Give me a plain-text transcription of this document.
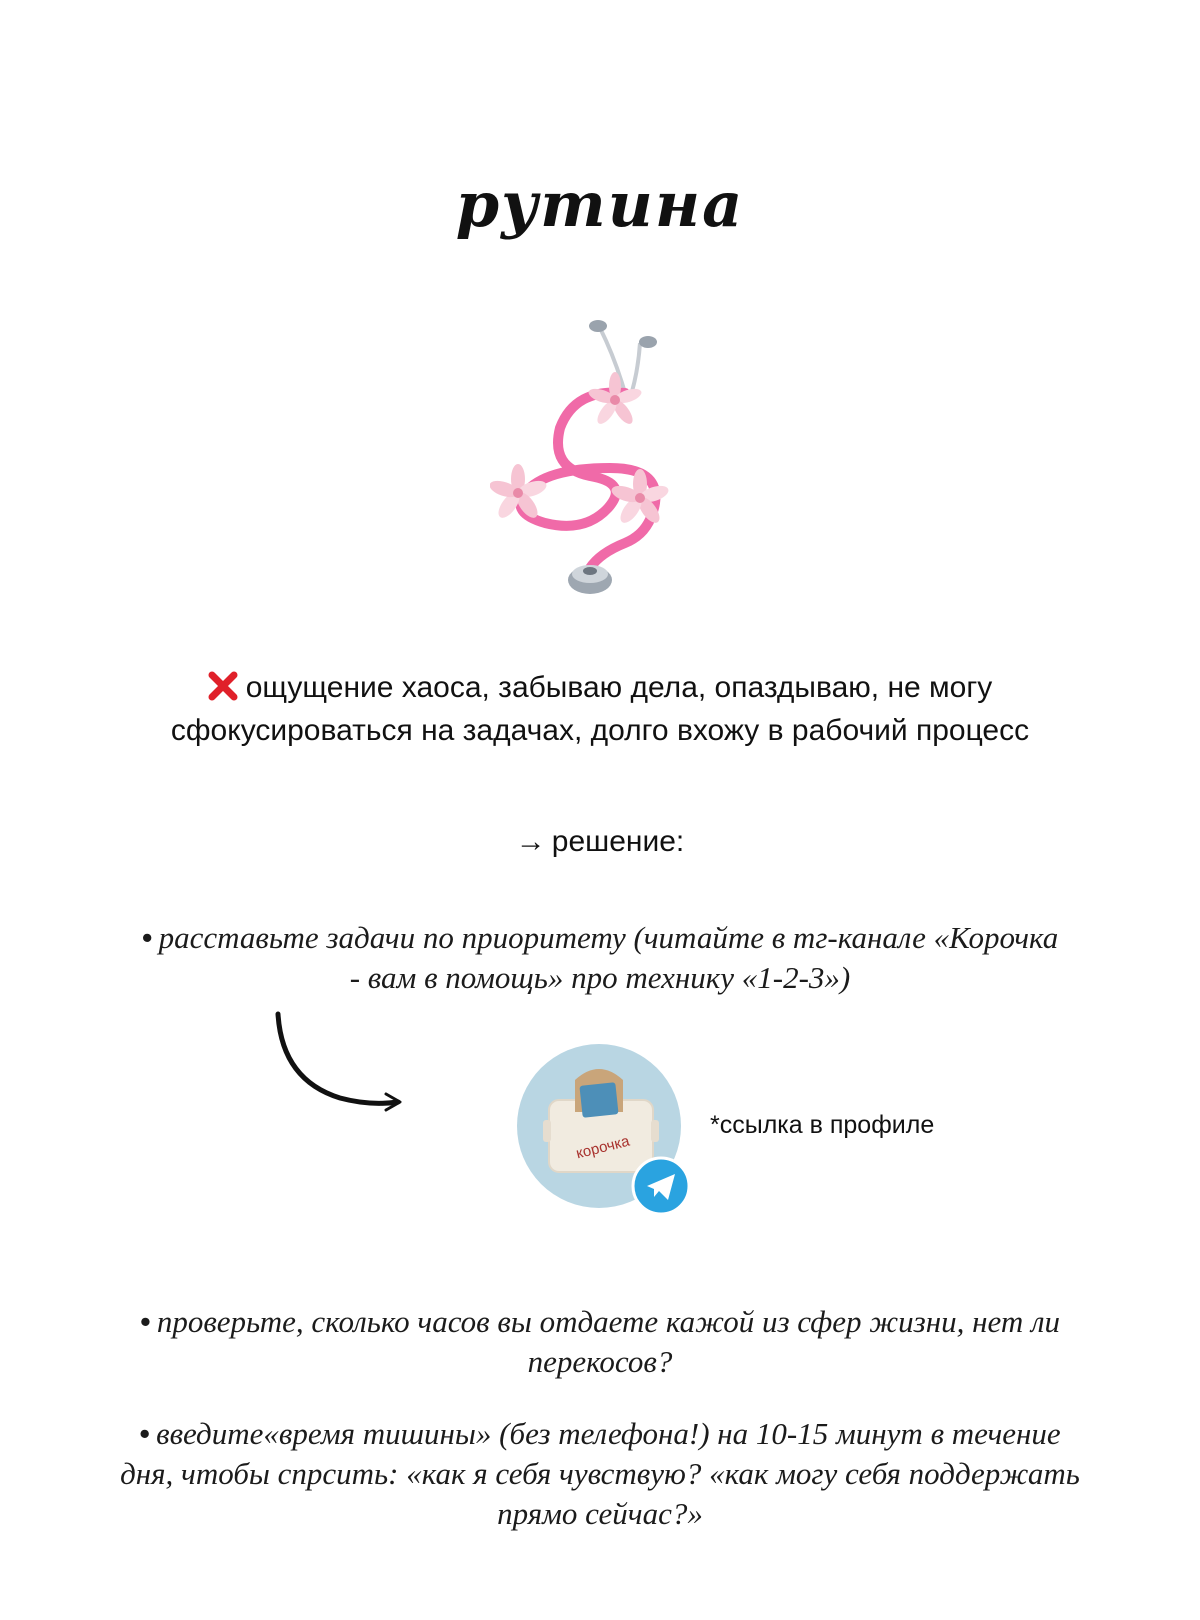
рутина
ощущение хаоса, забываю дела, опаздываю, не могу сфокусироваться на задачах, долго вхожу в рабочий процесс
→ решение:
• расставьте задачи по приоритету (читайте в тг-канале «Корочка - вам в помощь» про технику «1-2-3»)
корочка
*ссылка в профиле
• проверьте, сколько часов вы отдаете кажой из сфер жизни, нет ли перекосов?
• введите«время тишины» (без телефона!) на 10-15 минут в течение дня, чтобы спрсить: «как я себя чувствую? «как могу себя поддержать прямо сейчас?»
